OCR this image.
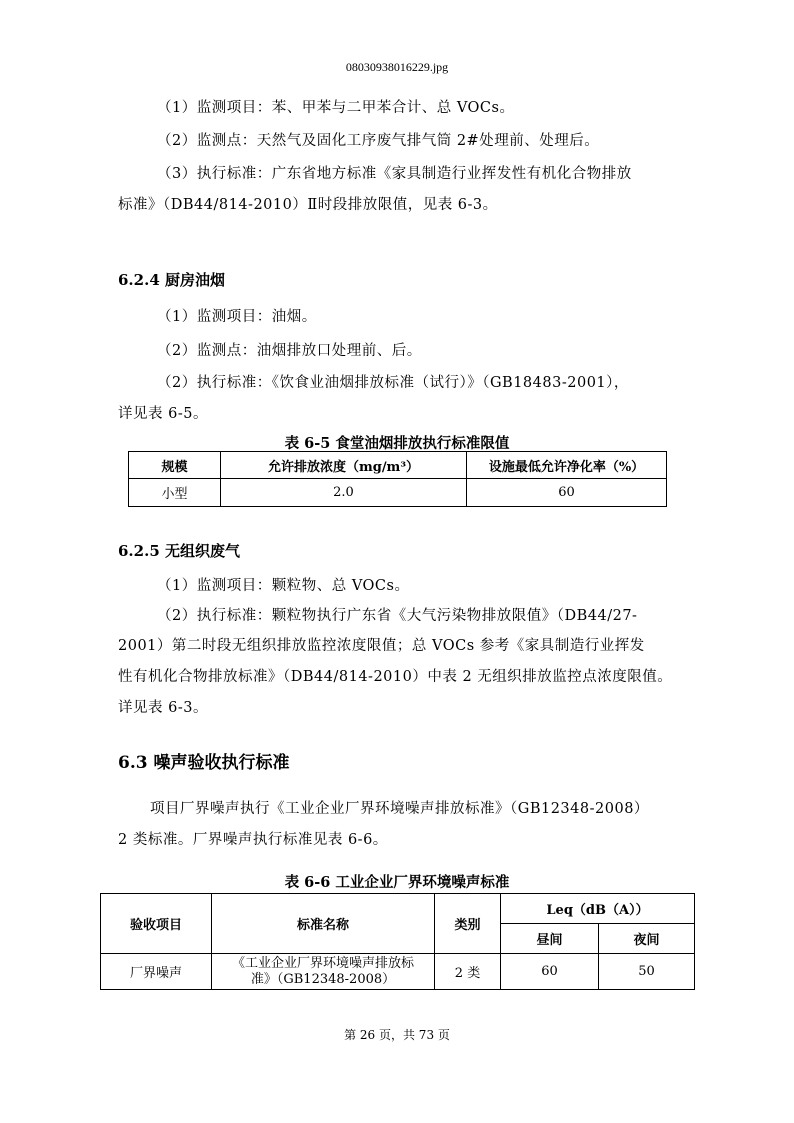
08030938016229.jpg
（1）监测项目：苯、甲苯与二甲苯合计、总 VOCs。
（2）监测点：天然气及固化工序废气排气筒 2#处理前、处理后。
（3）执行标准：广东省地方标准《家具制造行业挥发性有机化合物排放
标准》（DB44/814-2010）Ⅱ时段排放限值，见表 6-3。
6.2.4 厨房油烟
（1）监测项目：油烟。
（2）监测点：油烟排放口处理前、后。
（2）执行标准：《饮食业油烟排放标准（试行）》（GB18483-2001），
详见表 6-5。
表 6-5 食堂油烟排放执行标准限值
规模	允许排放浓度（mg/m³）	设施最低允许净化率（%）
小型	2.0	60
6.2.5 无组织废气
（1）监测项目：颗粒物、总 VOCs。
（2）执行标准：颗粒物执行广东省《大气污染物排放限值》（DB44/27-
2001）第二时段无组织排放监控浓度限值；总 VOCs 参考《家具制造行业挥发
性有机化合物排放标准》（DB44/814-2010）中表 2 无组织排放监控点浓度限值。
详见表 6-3。
6.3 噪声验收执行标准
项目厂界噪声执行《工业企业厂界环境噪声排放标准》（GB12348-2008）
2 类标准。厂界噪声执行标准见表 6-6。
表 6-6 工业企业厂界环境噪声标准
验收项目	标准名称	类别	Leq（dB（A））	
			昼间	夜间
厂界噪声	《工业企业厂界环境噪声排放标
准》（GB12348-2008）	2 类	60	50
第 26 页，共 73 页
